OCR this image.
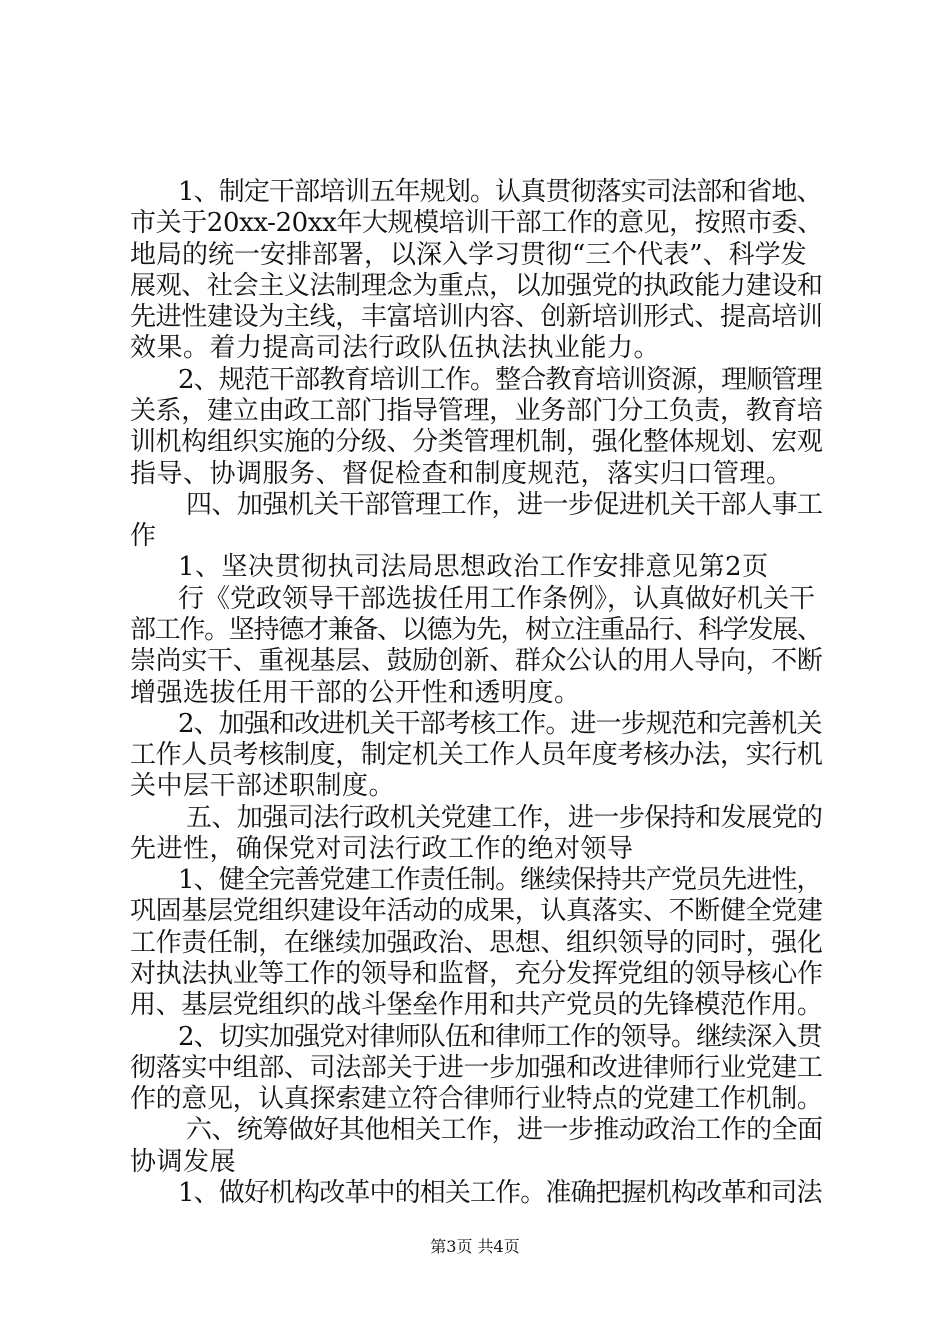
1、制定干部培训五年规划。认真贯彻落实司法部和省地、
市关于20xx-20xx年大规模培训干部工作的意见，按照市委、
地局的统一安排部署，以深入学习贯彻“三个代表”、科学发
展观、社会主义法制理念为重点，以加强党的执政能力建设和
先进性建设为主线，丰富培训内容、创新培训形式、提高培训
效果。着力提高司法行政队伍执法执业能力。
2、规范干部教育培训工作。整合教育培训资源，理顺管理
关系，建立由政工部门指导管理，业务部门分工负责，教育培
训机构组织实施的分级、分类管理机制，强化整体规划、宏观
指导、协调服务、督促检查和制度规范，落实归口管理。
四、加强机关干部管理工作，进一步促进机关干部人事工
作
1、坚决贯彻执司法局思想政治工作安排意见第2页
行《党政领导干部选拔任用工作条例》，认真做好机关干
部工作。坚持德才兼备、以德为先，树立注重品行、科学发展、
崇尚实干、重视基层、鼓励创新、群众公认的用人导向，不断
增强选拔任用干部的公开性和透明度。
2、加强和改进机关干部考核工作。进一步规范和完善机关
工作人员考核制度，制定机关工作人员年度考核办法，实行机
关中层干部述职制度。
五、加强司法行政机关党建工作，进一步保持和发展党的
先进性，确保党对司法行政工作的绝对领导
1、健全完善党建工作责任制。继续保持共产党员先进性，
巩固基层党组织建设年活动的成果，认真落实、不断健全党建
工作责任制，在继续加强政治、思想、组织领导的同时，强化
对执法执业等工作的领导和监督，充分发挥党组的领导核心作
用、基层党组织的战斗堡垒作用和共产党员的先锋模范作用。
2、切实加强党对律师队伍和律师工作的领导。继续深入贯
彻落实中组部、司法部关于进一步加强和改进律师行业党建工
作的意见，认真探索建立符合律师行业特点的党建工作机制。
六、统筹做好其他相关工作，进一步推动政治工作的全面
协调发展
1、做好机构改革中的相关工作。准确把握机构改革和司法
第3页 共4页
